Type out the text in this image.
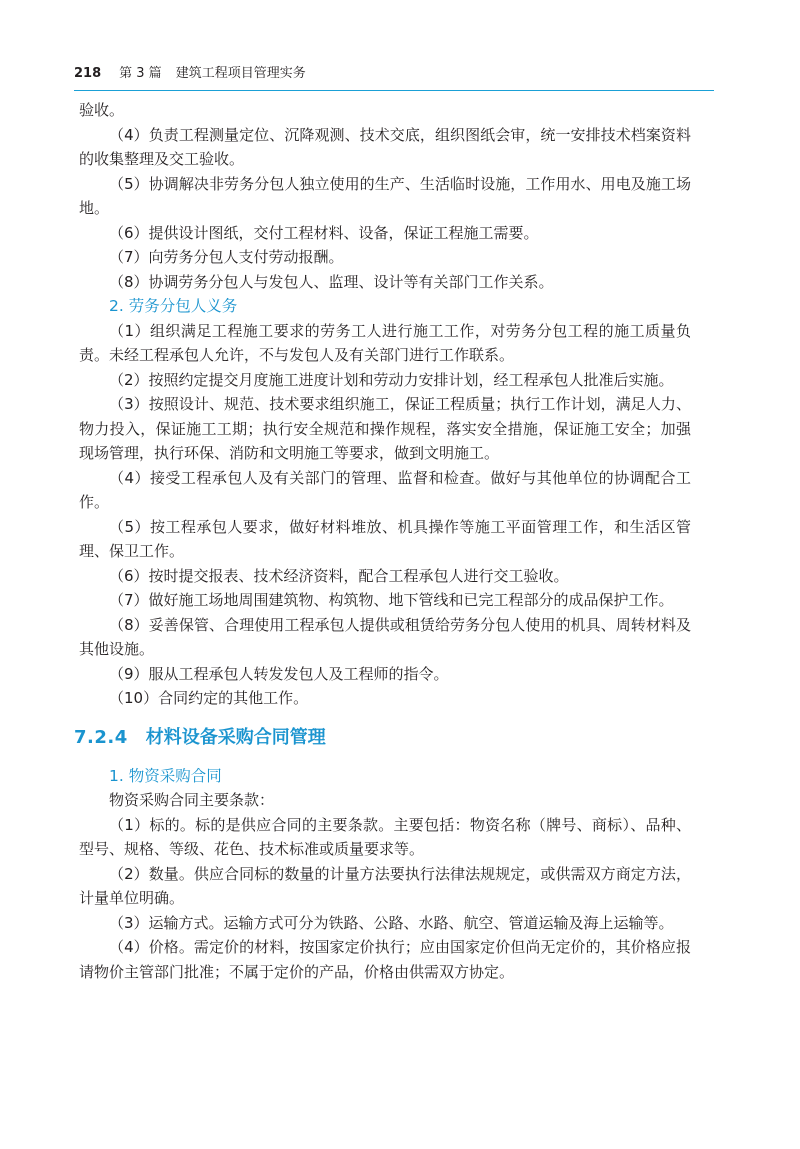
218 第 3 篇 建筑工程项目管理实务

验收。

（4）负责工程测量定位、沉降观测、技术交底，组织图纸会审，统一安排技术档案资料的收集整理及交工验收。

（5）协调解决非劳务分包人独立使用的生产、生活临时设施，工作用水、用电及施工场地。

（6）提供设计图纸，交付工程材料、设备，保证工程施工需要。

（7）向劳务分包人支付劳动报酬。

（8）协调劳务分包人与发包人、监理、设计等有关部门工作关系。

2. 劳务分包人义务

（1）组织满足工程施工要求的劳务工人进行施工工作，对劳务分包工程的施工质量负责。未经工程承包人允许，不与发包人及有关部门进行工作联系。

（2）按照约定提交月度施工进度计划和劳动力安排计划，经工程承包人批准后实施。

（3）按照设计、规范、技术要求组织施工，保证工程质量；执行工作计划，满足人力、物力投入，保证施工工期；执行安全规范和操作规程，落实安全措施，保证施工安全；加强现场管理，执行环保、消防和文明施工等要求，做到文明施工。

（4）接受工程承包人及有关部门的管理、监督和检查。做好与其他单位的协调配合工作。

（5）按工程承包人要求，做好材料堆放、机具操作等施工平面管理工作，和生活区管理、保卫工作。

（6）按时提交报表、技术经济资料，配合工程承包人进行交工验收。

（7）做好施工场地周围建筑物、构筑物、地下管线和已完工程部分的成品保护工作。

（8）妥善保管、合理使用工程承包人提供或租赁给劳务分包人使用的机具、周转材料及其他设施。

（9）服从工程承包人转发发包人及工程师的指令。

（10）合同约定的其他工作。

7.2.4 材料设备采购合同管理

1. 物资采购合同

物资采购合同主要条款：

（1）标的。标的是供应合同的主要条款。主要包括：物资名称（牌号、商标）、品种、型号、规格、等级、花色、技术标准或质量要求等。

（2）数量。供应合同标的数量的计量方法要执行法律法规规定，或供需双方商定方法，计量单位明确。

（3）运输方式。运输方式可分为铁路、公路、水路、航空、管道运输及海上运输等。

（4）价格。需定价的材料，按国家定价执行；应由国家定价但尚无定价的，其价格应报请物价主管部门批准；不属于定价的产品，价格由供需双方协定。
